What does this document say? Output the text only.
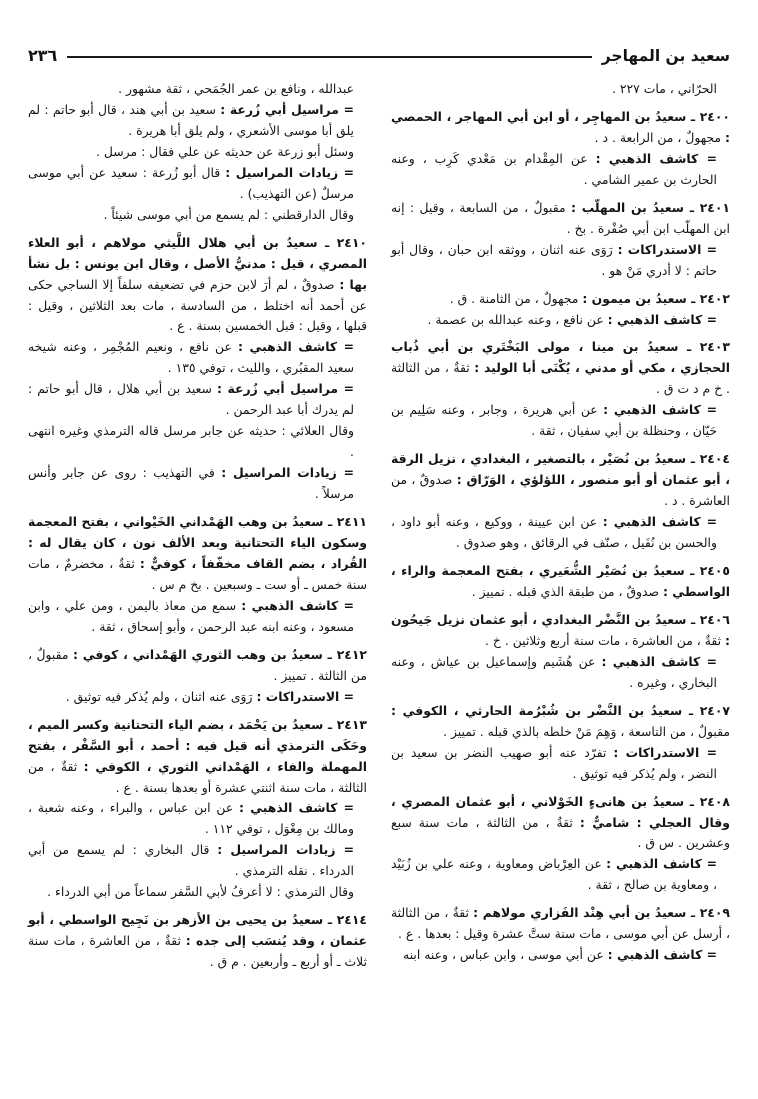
سعيد بن المهاجر
٢٣٦

الحرّاني ، مات ٢٢٧ .

٢٤٠٠ ـ سعيدُ بن المهاجِر ، أو ابن أبي المهاجر ، الحمصي : مجهولٌ ، من الرابعة . د .

= كاشف الذهبي : عن المِقْدام بن مَعْدي كَرِب ، وعنه الحارث بن عمير الشامي .

٢٤٠١ ـ سعيدُ بن المهلّب : مقبولٌ ، من السابعة ، وقيل : إنه ابن المهلّب ابن أبي صُفْرة . بخ .

= الاستدراكات : رَوَى عنه اثنان ، ووثقه ابن حبان ، وقال أبو حاتم : لا أدري مَنْ هو .

٢٤٠٢ ـ سعيدُ بن ميمون : مجهولٌ ، من الثامنة . ق .

= كاشف الذهبي : عن نافع ، وعنه عبدالله بن عصمة .

٢٤٠٣ ـ سعيدُ بن مينا ، مولى البَخْتَري بن أبي ذُباب الحجازي ، مكي أو مدني ، يُكْنَى أبا الوليد : ثقةٌ ، من الثالثة . خ م د ت ق .

= كاشف الذهبي : عن أبي هريرة ، وجابر ، وعنه سَلِيم بن حَيّان ، وحنظلة بن أبي سفيان ، ثقة .

٢٤٠٤ ـ سعيدُ بن نُصَيْر ، بالتصغير ، البغدادي ، نزيل الرقة ، أبو عثمان أو أبو منصور ، اللؤلؤي ، الوَرّاق : صدوقٌ ، من العاشرة . د .

= كاشف الذهبي : عن ابن عيينة ، ووكيع ، وعنه أبو داود ، والحسن بن نُفَيل ، صنّف في الرقائق ، وهو صدوق .

٢٤٠٥ ـ سعيدُ بن نُصَيْر الشُّعَيري ، بفتح المعجمة والراء ، الواسطي : صدوقٌ ، من طبقة الذي قبله . تمييز .

٢٤٠٦ ـ سعيدُ بن النَّضْر البغدادي ، أبو عثمان نزيل جَيحُون : ثقةٌ ، من العاشرة ، مات سنة أربع وثلاثين . خ .

= كاشف الذهبي : عن هُشَيم وإسماعيل بن عياش ، وعنه البخاري ، وغيره .

٢٤٠٧ ـ سعيدُ بن النَّضْر بن شُبْرُمة الحارثي ، الكوفي : مقبولٌ ، من التاسعة ، وَهِمَ مَنْ خلطه بالذي قبله . تمييز .

= الاستدراكات : تفرّد عنه أبو صهيب النضر بن سعيد بن النضر ، ولم يُذكر فيه توثيق .

٢٤٠٨ ـ سعيدُ بن هانىءٍ الخَوْلاني ، أبو عثمان المصري ، وقال العجلي : شاميٌّ : ثقةٌ ، من الثالثة ، مات سنة سبع وعشرين . س ق .

= كاشف الذهبي : عن العِرْباض ومعاوية ، وعنه علي بن زُبَيْد ، ومعاوية بن صالح ، ثقة .

٢٤٠٩ ـ سعيدُ بن أبي هِنْد الفَزاري مولاهم : ثقةٌ ، من الثالثة ، أرسل عن أبي موسى ، مات سنة ستَّ عشرة وقيل : بعدها . ع .

= كاشف الذهبي : عن أبي موسى ، وابن عباس ، وعنه ابنه

عبدالله ، ونافع بن عمر الجُمَحي ، ثقة مشهور .

= مراسيل أبي زُرعة : سعيد بن أبي هند ، قال أبو حاتم : لم يلق أبا موسى الأشعري ، ولم يلق أبا هريرة .

وسئل أبو زرعة عن حديثه عن علي فقال : مرسل .

= زيادات المراسيل : قال أبو زُرعة : سعيد عن أبي موسى مرسلٌ (عن التهذيب) .

وقال الدارقطني : لم يسمع من أبي موسى شيئاً .

٢٤١٠ ـ سعيدُ بن أبي هلال اللَّيثي مولاهم ، أبو العلاء المصري ، قيل : مدنيُّ الأصل ، وقال ابن يونس : بل نشأ بها : صدوقٌ ، لم أرَ لابن حزم في تضعيفه سلفاً إلا الساجي حكى عن أحمد أنه اختلط ، من السادسة ، مات بعد الثلاثين ، وقيل : قبلها ، وقيل : قبل الخمسين بسنة . ع .

= كاشف الذهبي : عن نافع ، ونعيم المُجْمِر ، وعنه شيخه سعيد المقبُري ، والليث ، توفي ١٣٥ .

= مراسيل أبي زُرعة : سعيد بن أبي هلال ، قال أبو حاتم : لم يدرك أبا عبد الرحمن .

وقال العلائي : حديثه عن جابر مرسل قاله الترمذي وغيره انتهى .

= زيادات المراسيل : في التهذيب : روى عن جابر وأنس مرسلاً .

٢٤١١ ـ سعيدُ بن وهب الهَمْداني الخَيْواني ، بفتح المعجمة وسكون الياء التحتانية وبعد الألف نون ، كان يقال له : القُراد ، بضم القاف مخفّفاً ، كوفيٌّ : ثقةٌ ، مخضرمٌ ، مات سنة خمس ـ أو ست ـ وسبعين . بخ م س .

= كاشف الذهبي : سمع من معاذ باليمن ، ومن علي ، وابن مسعود ، وعنه ابنه عبد الرحمن ، وأبو إسحاق ، ثقة .

٢٤١٢ ـ سعيدُ بن وهب الثوري الهَمْداني ، كوفي : مقبولٌ ، من الثالثة . تمييز .

= الاستدراكات : رَوَى عنه اثنان ، ولم يُذكر فيه توثيق .

٢٤١٣ ـ سعيدُ بن يَحْمَد ، بضم الياء التحتانية وكسر الميم ، وحَكَى الترمذي أنه قيل فيه : أحمد ، أبو السَّفْر ، بفتح المهملة والفاء ، الهَمْداني الثوري ، الكوفي : ثقةٌ ، من الثالثة ، مات سنة اثنتي عشرة أو بعدها بسنة . ع .

= كاشف الذهبي : عن ابن عباس ، والبراء ، وعنه شعبة ، ومالك بن مِغْوَل ، توفي ١١٢ .

= زيادات المراسيل : قال البخاري : لم يسمع من أبي الدرداء . نقله الترمذي .

وقال الترمذي : لا أعرفُ لأبي السَّفر سماعاً من أبي الدرداء .

٢٤١٤ ـ سعيدُ بن يحيى بن الأزهر بن نَجِيح الواسطي ، أبو عثمان ، وقد يُنسَب إلى جده : ثقةٌ ، من العاشرة ، مات سنة ثلاث ـ أو أربع ـ وأربعين . م ق .
